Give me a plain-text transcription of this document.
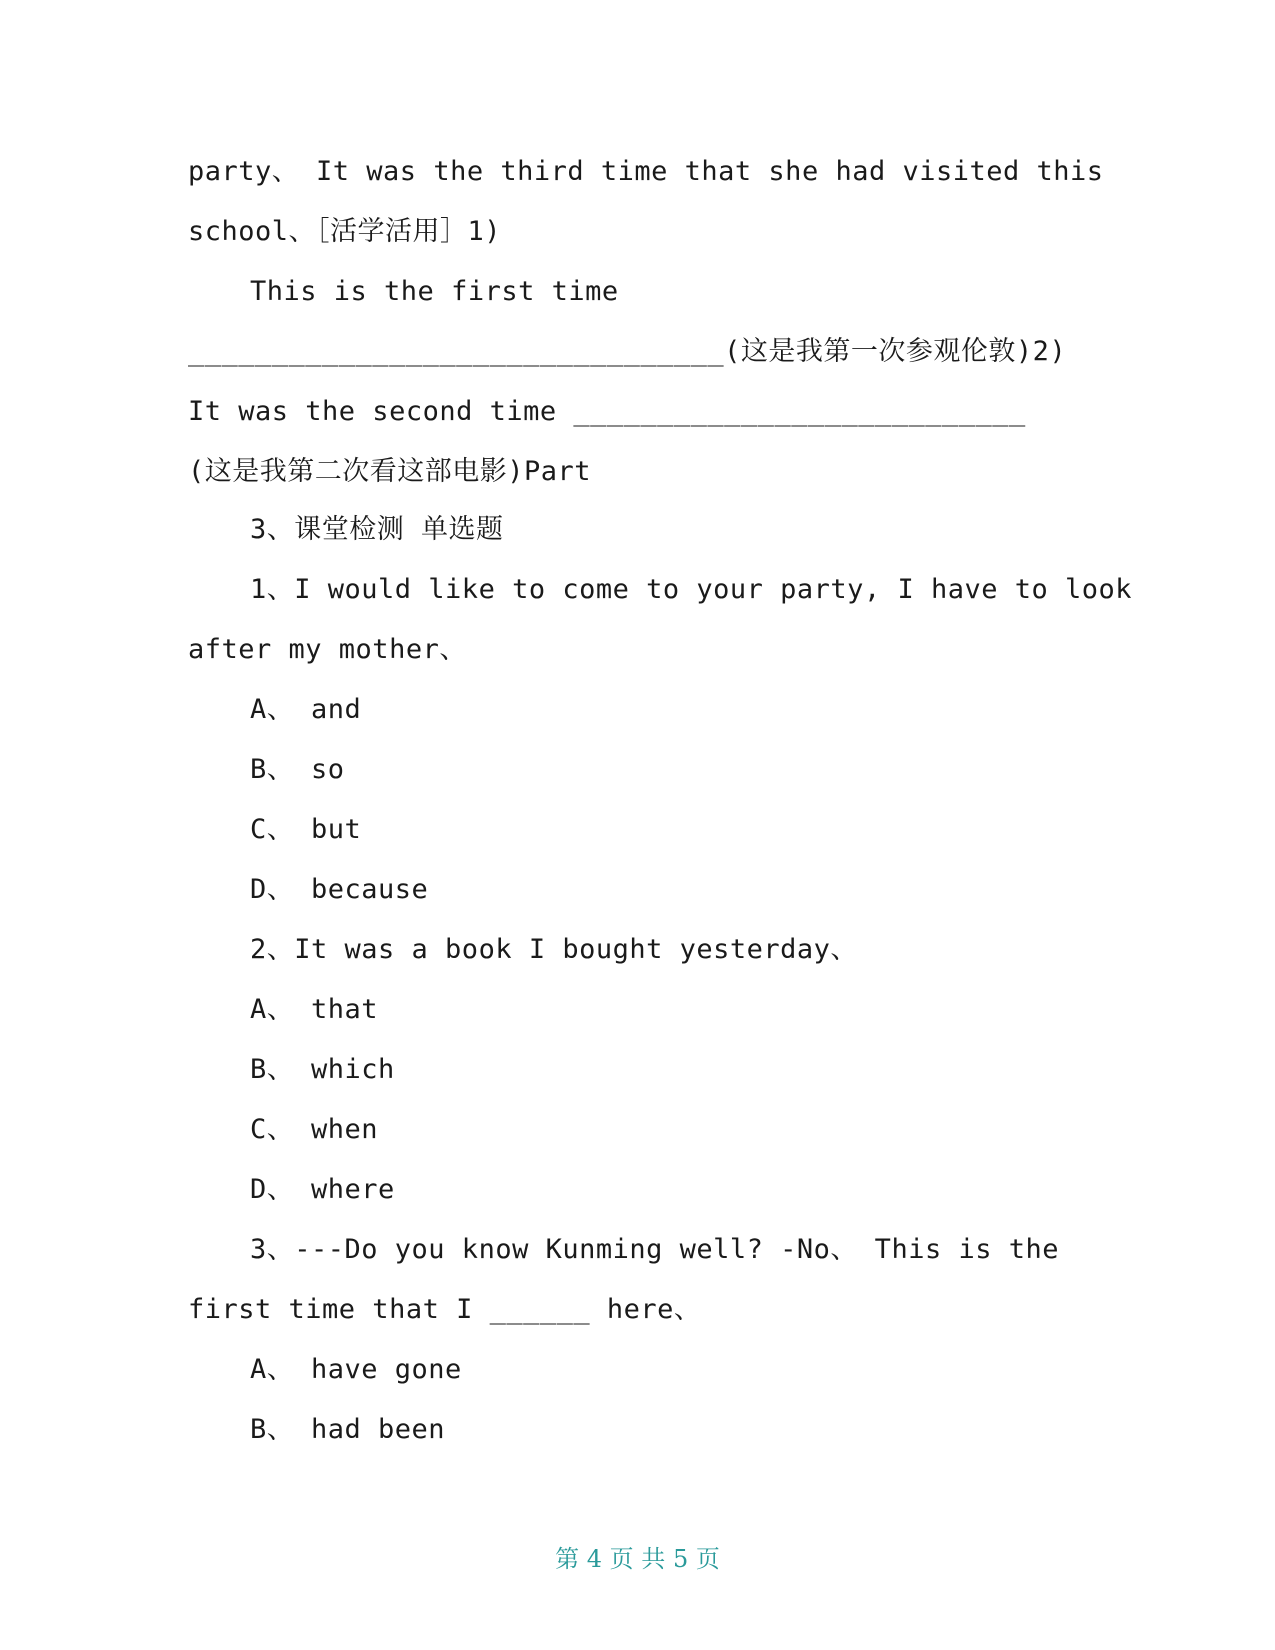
party、 It was the third time that she had visited this
school、［活学活用］1)
This is the first time
________________________________(这是我第一次参观伦敦)2)
It was the second time ___________________________
(这是我第二次看这部电影)Part
3、课堂检测 单选题
1、I would like to come to your party, I have to look
after my mother、
A、 and
B、 so
C、 but
D、 because
2、It was a book I bought yesterday、
A、 that
B、 which
C、 when
D、 where
3、---Do you know Kunming well? -No、 This is the
first time that I ______ here、
A、 have gone
B、 had been
第 4 页 共 5 页
